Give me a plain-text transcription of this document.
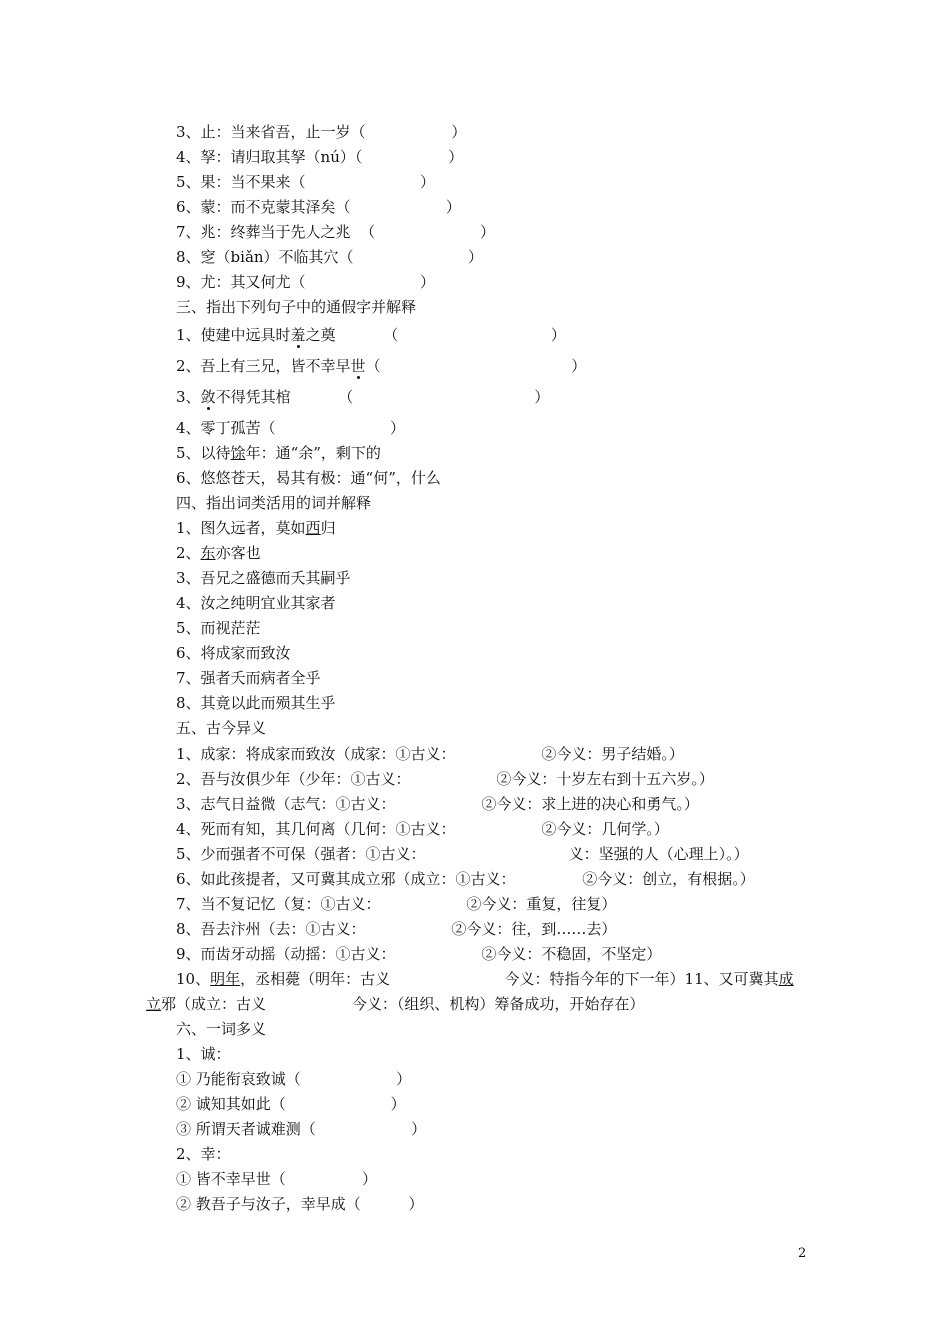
3、止：当来省吾，止一岁（                  ）
4、孥：请归取其孥（nú）（                  ）
5、果：当不果来（                        ）
6、蒙：而不克蒙其泽矣（                    ）
7、兆：终葬当于先人之兆  （                      ）
8、窆（biǎn）不临其穴（                        ）
9、尤：其又何尤（                        ）
三、指出下列句子中的通假字并解释
1、使建中远具时羞之奠          （                                ）
2、吾上有三兄，皆不幸早世（                                        ）
3、敛不得凭其棺          （                                      ）
4、零丁孤苦（                        ）
5、以待馀年：通“余”，剩下的
6、悠悠苍天，曷其有极：通“何”，什么
四、指出词类活用的词并解释
1、图久远者，莫如西归
2、东亦客也
3、吾兄之盛德而夭其嗣乎
4、汝之纯明宜业其家者
5、而视茫茫
6、将成家而致汝
7、强者夭而病者全乎
8、其竟以此而殒其生乎
五、古今异义
1、成家：将成家而致汝（成家：①古义：                  ②今义：男子结婚。）
2、吾与汝俱少年（少年：①古义：                  ②今义：十岁左右到十五六岁。）
3、志气日益微（志气：①古义：                  ②今义：求上进的决心和勇气。）
4、死而有知，其几何离（几何：①古义：                  ②今义：几何学。）
5、少而强者不可保（强者：①古义：                              义：坚强的人（心理上）。）
6、如此孩提者，又可冀其成立邪（成立：①古义：              ②今义：创立，有根据。）
7、当不复记忆（复：①古义：                  ②今义：重复，往复）
8、吾去汴州（去：①古义：                  ②今义：往，到……去）
9、而齿牙动摇（动摇：①古义：                  ②今义：不稳固，不坚定）
10、明年，丞相薨（明年：古义                        今义：特指今年的下一年）11、又可冀其成
立邪（成立：古义                  今义：（组织、机构）筹备成功，开始存在）
六、一词多义
1、诚：
① 乃能衔哀致诚（                    ）
② 诚知其如此（                      ）
③ 所谓天者诚难测（                    ）
2、幸：
① 皆不幸早世（                ）
② 教吾子与汝子，幸早成（          ）
2
